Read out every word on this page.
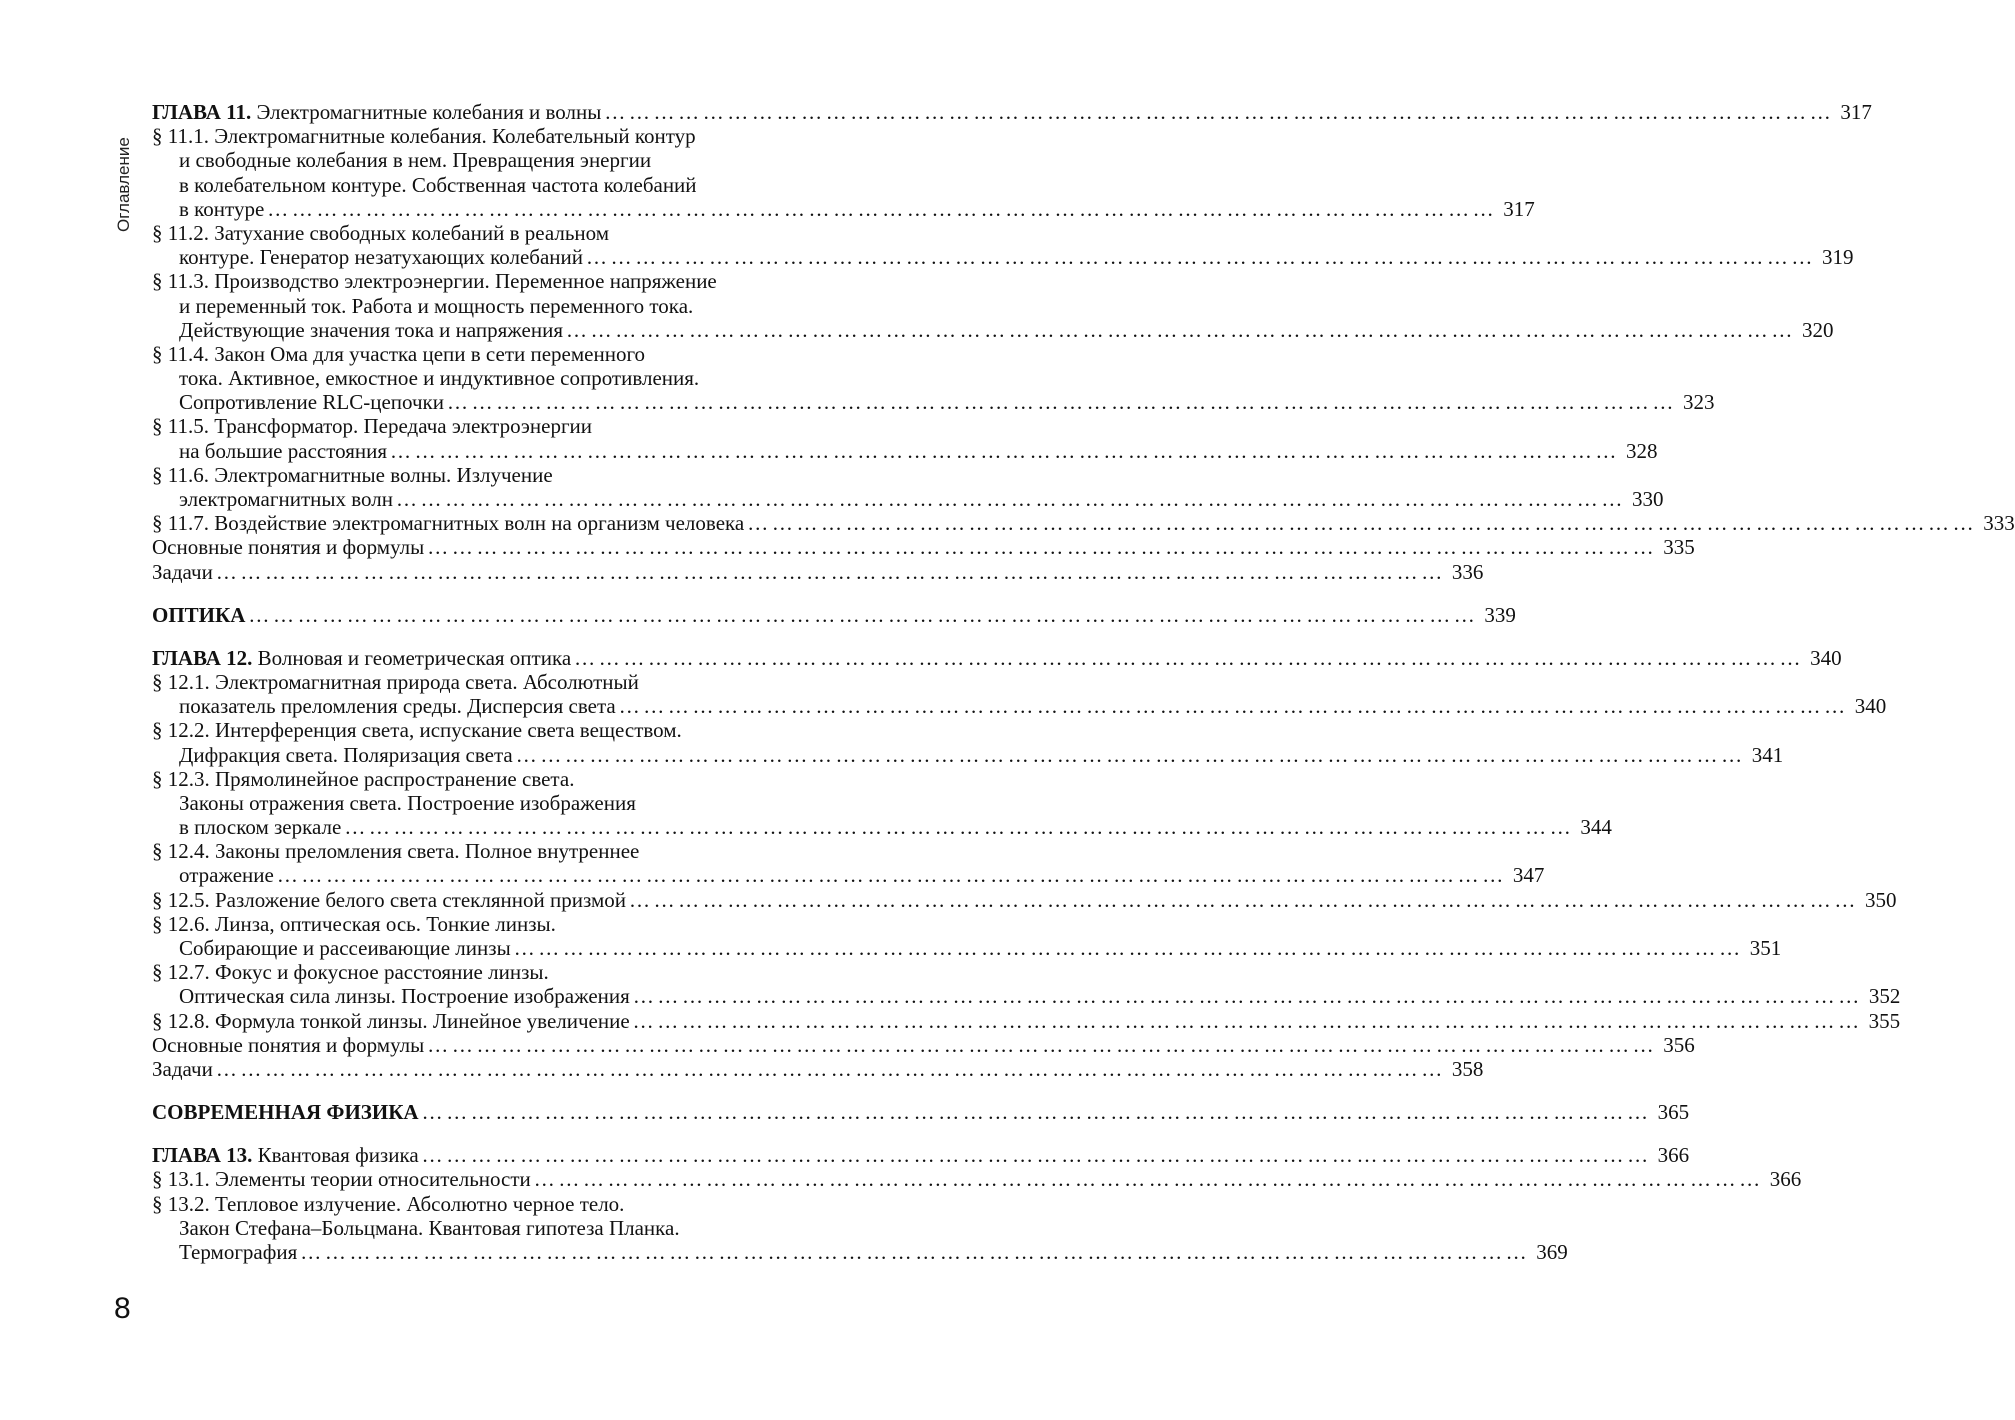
Оглавление
ГЛАВА 11. Электромагнитные колебания и волны …………………………………………………………………………………………………………………………………… 317
§ 11.1. Электромагнитные колебания. Колебательный контур
и свободные колебания в нем. Превращения энергии
в колебательном контуре. Собственная частота колебаний
в контуре …………………………………………………………………………………………………………………………………… 317
§ 11.2. Затухание свободных колебаний в реальном
контуре. Генератор незатухающих колебаний …………………………………………………………………………………………………………………………………… 319
§ 11.3. Производство электроэнергии. Переменное напряжение
и переменный ток. Работа и мощность переменного тока.
Действующие значения тока и напряжения …………………………………………………………………………………………………………………………………… 320
§ 11.4. Закон Ома для участка цепи в сети переменного
тока. Активное, емкостное и индуктивное сопротивления.
Сопротивление RLC-цепочки …………………………………………………………………………………………………………………………………… 323
§ 11.5. Трансформатор. Передача электроэнергии
на большие расстояния …………………………………………………………………………………………………………………………………… 328
§ 11.6. Электромагнитные волны. Излучение
электромагнитных волн …………………………………………………………………………………………………………………………………… 330
§ 11.7. Воздействие электромагнитных волн на организм человека …………………………………………………………………………………………………………………………………… 333
Основные понятия и формулы …………………………………………………………………………………………………………………………………… 335
Задачи …………………………………………………………………………………………………………………………………… 336
ОПТИКА …………………………………………………………………………………………………………………………………… 339
ГЛАВА 12. Волновая и геометрическая оптика …………………………………………………………………………………………………………………………………… 340
§ 12.1. Электромагнитная природа света. Абсолютный
показатель преломления среды. Дисперсия света …………………………………………………………………………………………………………………………………… 340
§ 12.2. Интерференция света, испускание света веществом.
Дифракция света. Поляризация света …………………………………………………………………………………………………………………………………… 341
§ 12.3. Прямолинейное распространение света.
Законы отражения света. Построение изображения
в плоском зеркале …………………………………………………………………………………………………………………………………… 344
§ 12.4. Законы преломления света. Полное внутреннее
отражение …………………………………………………………………………………………………………………………………… 347
§ 12.5. Разложение белого света стеклянной призмой …………………………………………………………………………………………………………………………………… 350
§ 12.6. Линза, оптическая ось. Тонкие линзы.
Собирающие и рассеивающие линзы …………………………………………………………………………………………………………………………………… 351
§ 12.7. Фокус и фокусное расстояние линзы.
Оптическая сила линзы. Построение изображения …………………………………………………………………………………………………………………………………… 352
§ 12.8. Формула тонкой линзы. Линейное увеличение …………………………………………………………………………………………………………………………………… 355
Основные понятия и формулы …………………………………………………………………………………………………………………………………… 356
Задачи …………………………………………………………………………………………………………………………………… 358
СОВРЕМЕННАЯ ФИЗИКА …………………………………………………………………………………………………………………………………… 365
ГЛАВА 13. Квантовая физика …………………………………………………………………………………………………………………………………… 366
§ 13.1. Элементы теории относительности …………………………………………………………………………………………………………………………………… 366
§ 13.2. Тепловое излучение. Абсолютно черное тело.
Закон Стефана–Больцмана. Квантовая гипотеза Планка.
Термография …………………………………………………………………………………………………………………………………… 369
8
